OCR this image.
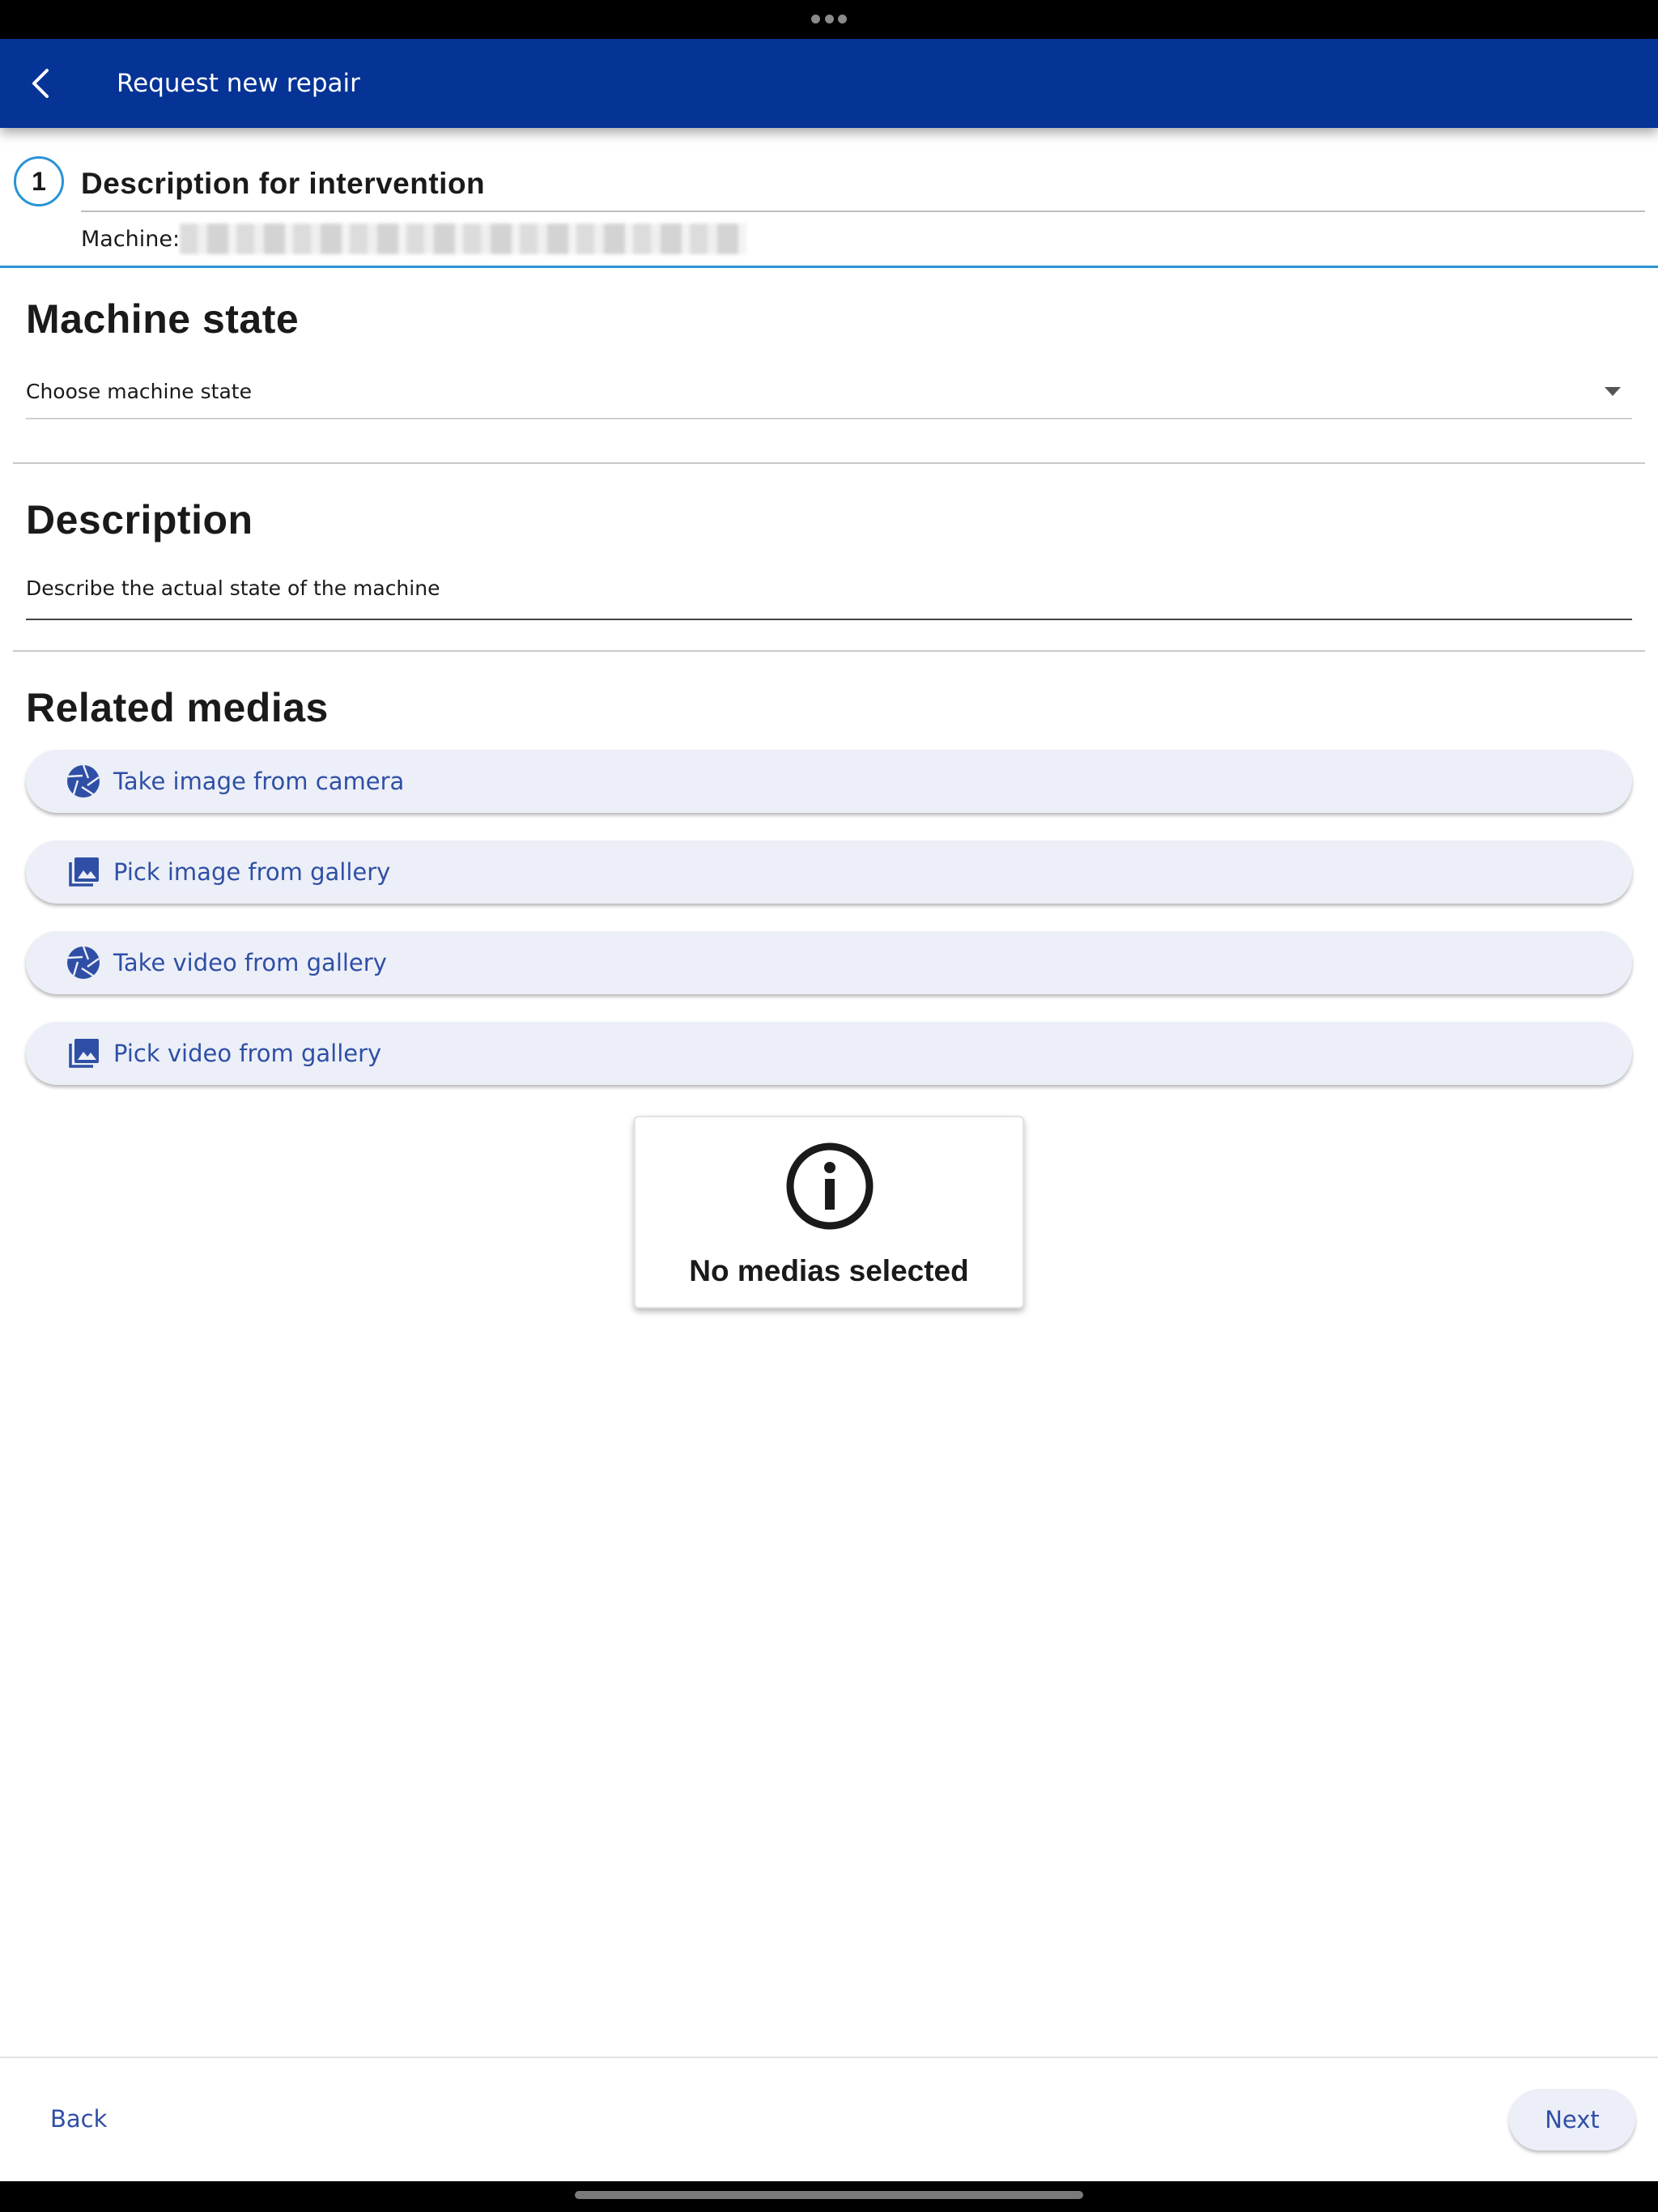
Request new repair
1	Description for intervention
Machine:
Machine state
Choose machine state
Description
Describe the actual state of the machine
Related medias
Take image from camera
Pick image from gallery
Take video from gallery
Pick video from gallery
No medias selected
Back	Next
